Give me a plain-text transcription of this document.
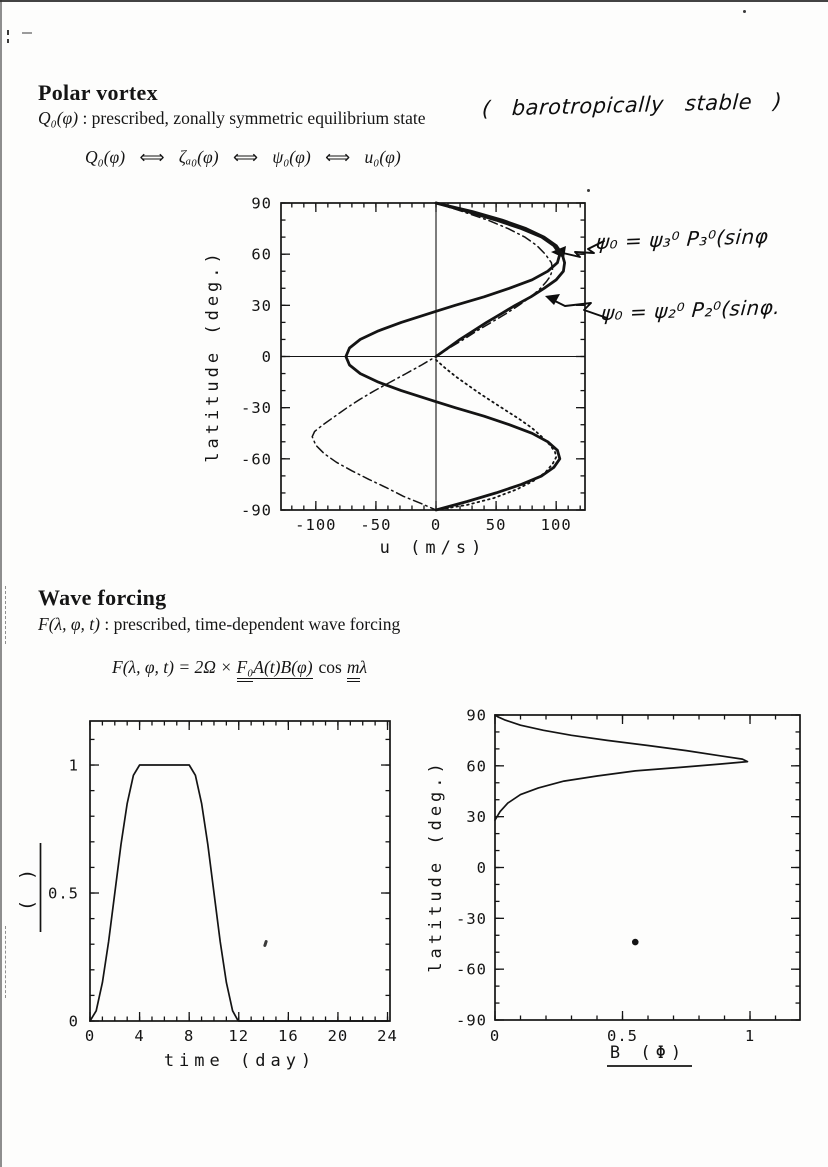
Polar vortex
Q₀(φ) : prescribed, zonally symmetric equilibrium state	( barotropically stable )
Q₀(φ) ⟺ ζₐ₀(φ) ⟺ ψ₀(φ) ⟺ u₀(φ)
Wave forcing
F(λ, φ, t) : prescribed, time-dependent wave forcing
F(λ, φ, t) = 2Ω × F₀A(t)B(φ) cos mλ
ψ₀ = ψ₃⁰ P₃⁰(sinφ
ψ₀ = ψ₂⁰ P₂⁰(sinφ.
-100 -50	0	50 100
90
60
30
0
-30
-60
-90
u (m/s)
latitude (deg.)
0	4	8 12 16 20 24
0
0.5
1
time (day)
( )
0	0.5	1
90
60
30
0
-30
-60
-90
B (Φ)
latitude (deg.)
